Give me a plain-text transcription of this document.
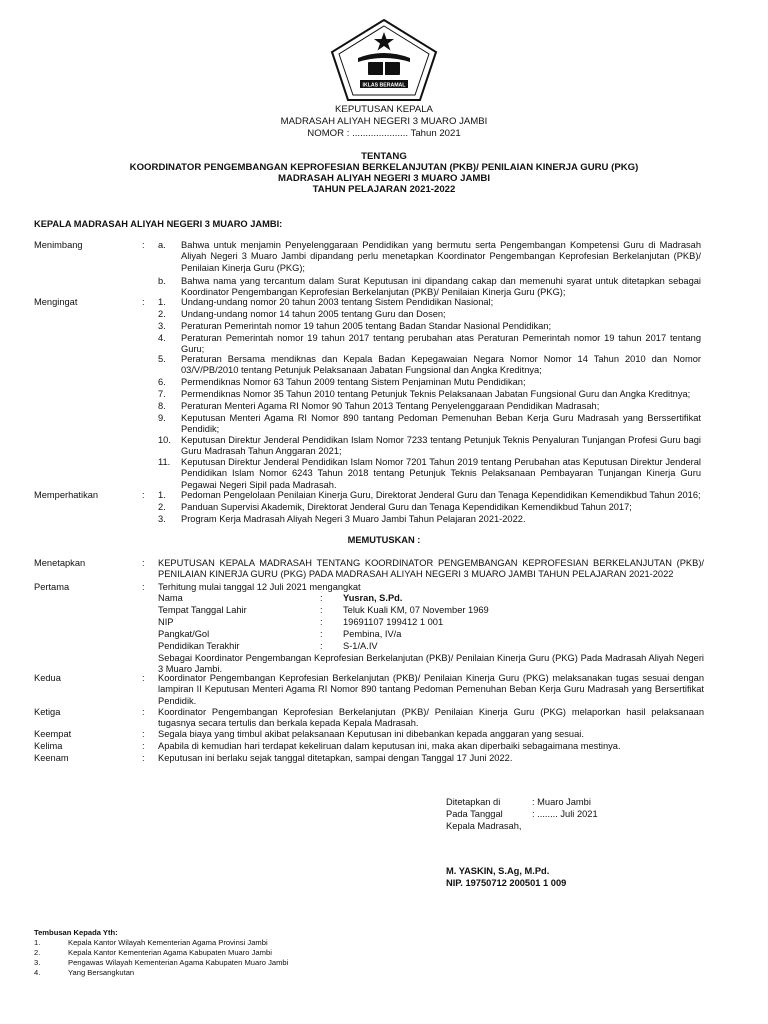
IKLAS BERAMAL
KEPUTUSAN KEPALA
MADRASAH ALIYAH NEGERI 3 MUARO JAMBI
NOMOR : ..................... Tahun 2021
TENTANG
KOORDINATOR PENGEMBANGAN KEPROFESIAN BERKELANJUTAN (PKB)/ PENILAIAN KINERJA GURU (PKG)
MADRASAH ALIYAH NEGERI 3 MUARO JAMBI
TAHUN PELAJARAN 2021-2022
KEPALA MADRASAH ALIYAH NEGERI 3 MUARO JAMBI:
Menimbang	: a. Bahwa untuk menjamin Penyelenggaraan Pendidikan yang bermutu serta Pengembangan Kompetensi Guru di Madrasah Aliyah Negeri 3 Muaro Jambi dipandang perlu menetapkan Koordinator Pengembangan Keprofesian Berkelanjutan (PKB)/ Penilaian Kinerja Guru (PKG);
b. Bahwa nama yang tercantum dalam Surat Keputusan ini dipandang cakap dan memenuhi syarat untuk ditetapkan sebagai Koordinator Pengembangan Keprofesian Berkelanjutan (PKB)/ Penilaian Kinerja Guru (PKG);
Mengingat	: 1. Undang-undang nomor 20 tahun 2003 tentang Sistem Pendidikan Nasional;
2. Undang-undang nomor 14 tahun 2005 tentang Guru dan Dosen;
3. Peraturan Pemerintah nomor 19 tahun 2005 tentang Badan Standar Nasional Pendidikan;
4. Peraturan Pemerintah nomor 19 tahun 2017 tentang perubahan atas Peraturan Pemerintah nomor 19 tahun 2017 tentang Guru;
5. Peraturan Bersama mendiknas dan Kepala Badan Kepegawaian Negara Nomor Nomor 14 Tahun 2010 dan Nomor 03/V/PB/2010 tentang Petunjuk Pelaksanaan Jabatan Fungsional dan Angka Kreditnya;
6. Permendiknas Nomor 63 Tahun 2009 tentang Sistem Penjaminan Mutu Pendidikan;
7. Permendiknas Nomor 35 Tahun 2010 tentang Petunjuk Teknis Pelaksanaan Jabatan Fungsional Guru dan Angka Kreditnya;
8. Peraturan Menteri Agama RI Nomor 90 Tahun 2013 Tentang Penyelenggaraan Pendidikan Madrasah;
9. Keputusan Menteri Agama RI Nomor 890 tantang Pedoman Pemenuhan Beban Kerja Guru Madrasah yang Berssertifikat Pendidik;
10. Keputusan Direktur Jenderal Pendidikan Islam Nomor 7233 tentang Petunjuk Teknis Penyaluran Tunjangan Profesi Guru bagi Guru Madrasah Tahun Anggaran 2021;
11. Keputusan Direktur Jenderal Pendidikan Islam Nomor 7201 Tahun 2019 tentang Perubahan atas Keputusan Direktur Jenderal Pendidikan Islam Nomor 6243 Tahun 2018 tentang Petunjuk Teknis Pelaksanaan Pembayaran Tunjangan Kinerja Guru Pegawai Negeri Sipil pada Madrasah.
Memperhatikan	: 1. Pedoman Pengelolaan Penilaian Kinerja Guru, Direktorat Jenderal Guru dan Tenaga Kependidikan Kemendikbud Tahun 2016;
2. Panduan Supervisi Akademik, Direktorat Jenderal Guru dan Tenaga Kependidikan Kemendikbud Tahun 2017;
3. Program Kerja Madrasah Aliyah Negeri 3 Muaro Jambi Tahun Pelajaran 2021-2022.
MEMUTUSKAN :
Menetapkan	: KEPUTUSAN KEPALA MADRASAH TENTANG KOORDINATOR PENGEMBANGAN KEPROFESIAN BERKELANJUTAN (PKB)/ PENILAIAN KINERJA GURU (PKG) PADA MADRASAH ALIYAH NEGERI 3 MUARO JAMBI TAHUN PELAJARAN 2021-2022
Pertama	: Terhitung mulai tanggal 12 Juli 2021 mengangkat
Nama	: Yusran, S.Pd.
Tempat Tanggal Lahir	: Teluk Kuali KM, 07 November 1969
NIP	: 19691107 199412 1 001
Pangkat/Gol	: Pembina, IV/a
Pendidikan Terakhir	: S-1/A.IV
Sebagai Koordinator Pengembangan Keprofesian Berkelanjutan (PKB)/ Penilaian Kinerja Guru (PKG) Pada Madrasah Aliyah Negeri 3 Muaro Jambi.
Kedua	: Koordinator Pengembangan Keprofesian Berkelanjutan (PKB)/ Penilaian Kinerja Guru (PKG) melaksanakan tugas sesuai dengan lampiran II Keputusan Menteri Agama RI Nomor 890 tantang Pedoman Pemenuhan Beban Kerja Guru Madrasah yang Bersertifikat Pendidik.
Ketiga	: Koordinator Pengembangan Keprofesian Berkelanjutan (PKB)/ Penilaian Kinerja Guru (PKG) melaporkan hasil pelaksanaan tugasnya secara tertulis dan berkala kepada Kepala Madrasah.
Keempat	: Segala biaya yang timbul akibat pelaksanaan Keputusan ini dibebankan kepada anggaran yang sesuai.
Kelima	: Apabila di kemudian hari terdapat kekeliruan dalam keputusan ini, maka akan diperbaiki sebagaimana mestinya.
Keenam	: Keputusan ini berlaku sejak tanggal ditetapkan, sampai dengan Tanggal 17 Juni 2022.
Ditetapkan di	: Muaro Jambi
Pada Tanggal	: ........ Juli 2021
Kepala Madrasah,
M. YASKIN, S.Ag, M.Pd.
NIP. 19750712 200501 1 009
Tembusan Kepada Yth:
1.	Kepala Kantor Wilayah Kementerian Agama Provinsi Jambi
2.	Kepala Kantor Kementerian Agama Kabupaten Muaro Jambi
3.	Pengawas Wilayah Kementerian Agama Kabupaten Muaro Jambi
4.	Yang Bersangkutan
